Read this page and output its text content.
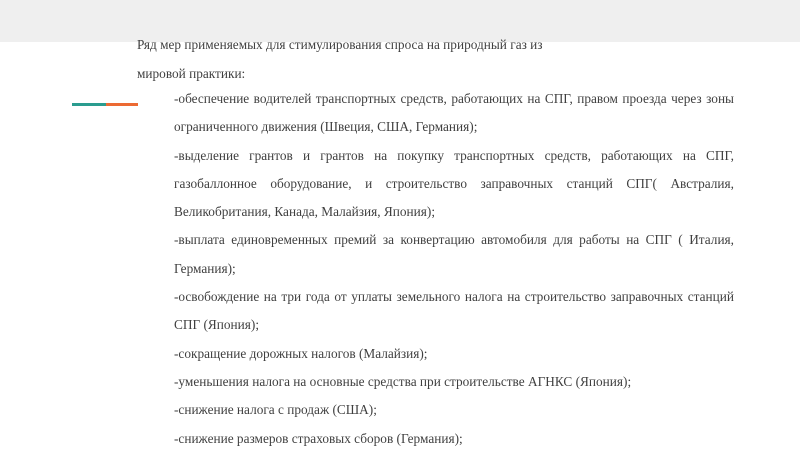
Ряд мер применяемых для стимулирования спроса на природный газ из
мировой практики:
-обеспечение водителей транспортных средств, работающих на СПГ, правом проезда через зоны ограниченного движения (Швеция, США, Германия);
-выделение грантов и грантов на покупку транспортных средств, работающих на СПГ, газобаллонное оборудование, и строительство заправочных станций СПГ( Австралия, Великобритания, Канада, Малайзия, Япония);
-выплата единовременных премий за конвертацию автомобиля для работы на СПГ ( Италия, Германия);
-освобождение на три года от уплаты земельного налога на строительство заправочных станций СПГ (Япония);
-сокращение дорожных налогов (Малайзия);
-уменьшения налога на основные средства при строительстве АГНКС (Япония);
-снижение налога с продаж (США);
-снижение размеров страховых сборов (Германия);
